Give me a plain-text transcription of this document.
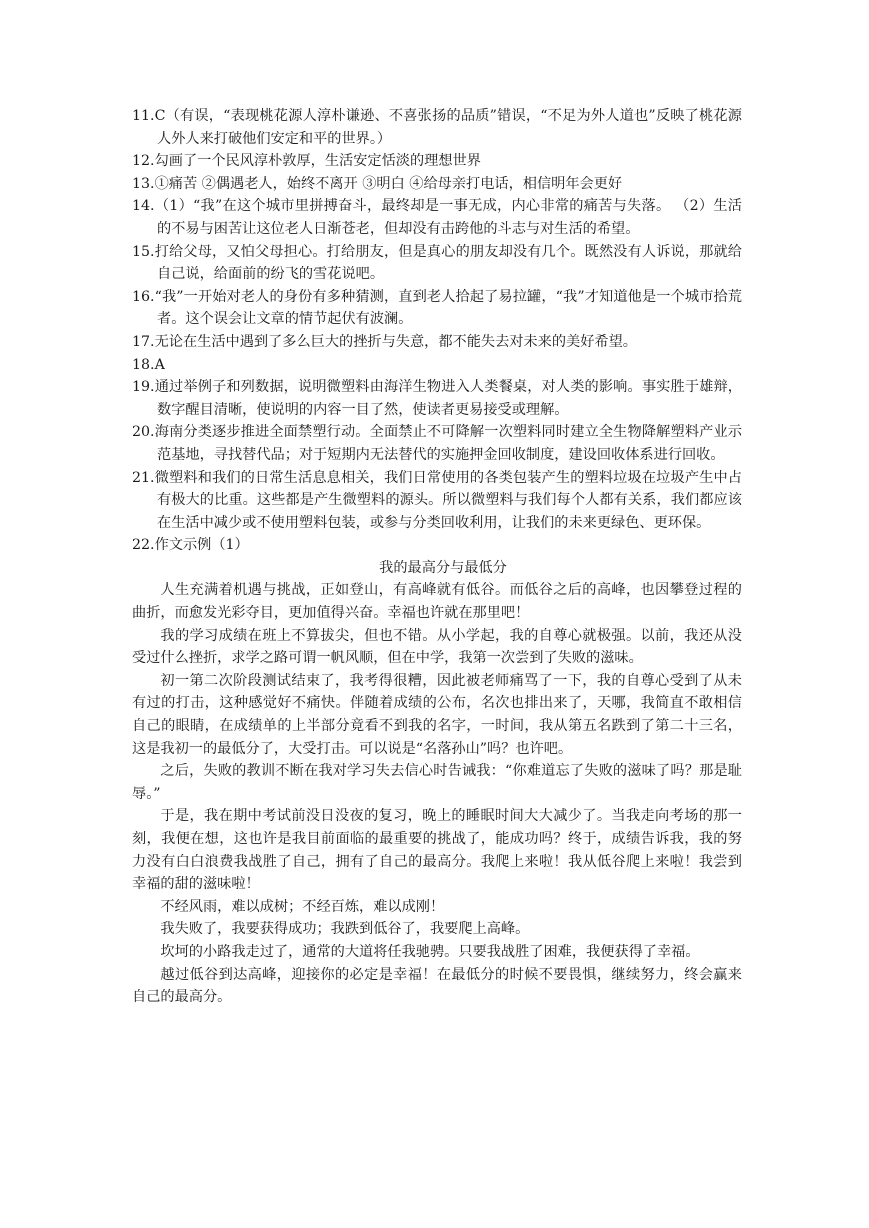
11.C（有误，“表现桃花源人淳朴谦逊、不喜张扬的品质”错误，“不足为外人道也”反映了桃花源人外人来打破他们安定和平的世界。）

12.勾画了一个民风淳朴敦厚，生活安定恬淡的理想世界

13.①痛苦 ②偶遇老人，始终不离开 ③明白 ④给母亲打电话，相信明年会更好

14.（1）“我”在这个城市里拼搏奋斗，最终却是一事无成，内心非常的痛苦与失落。 （2）生活的不易与困苦让这位老人日渐苍老，但却没有击跨他的斗志与对生活的希望。

15.打给父母，又怕父母担心。打给朋友，但是真心的朋友却没有几个。既然没有人诉说，那就给自己说，给面前的纷飞的雪花说吧。

16.“我”一开始对老人的身份有多种猜测，直到老人拾起了易拉罐，“我”才知道他是一个城市拾荒者。这个误会让文章的情节起伏有波澜。

17.无论在生活中遇到了多么巨大的挫折与失意，都不能失去对未来的美好希望。

18.A

19.通过举例子和列数据，说明微塑料由海洋生物进入人类餐桌，对人类的影响。事实胜于雄辩，数字醒目清晰，使说明的内容一目了然，使读者更易接受或理解。

20.海南分类逐步推进全面禁塑行动。全面禁止不可降解一次塑料同时建立全生物降解塑料产业示范基地，寻找替代品；对于短期内无法替代的实施押金回收制度，建设回收体系进行回收。

21.微塑料和我们的日常生活息息相关，我们日常使用的各类包装产生的塑料垃圾在垃圾产生中占有极大的比重。这些都是产生微塑料的源头。所以微塑料与我们每个人都有关系，我们都应该在生活中减少或不使用塑料包装，或参与分类回收利用，让我们的未来更绿色、更环保。

22.作文示例（1）

我的最高分与最低分

人生充满着机遇与挑战，正如登山，有高峰就有低谷。而低谷之后的高峰，也因攀登过程的曲折，而愈发光彩夺目，更加值得兴奋。幸福也许就在那里吧！

我的学习成绩在班上不算拔尖，但也不错。从小学起，我的自尊心就极强。以前，我还从没受过什么挫折，求学之路可谓一帆风顺，但在中学，我第一次尝到了失败的滋味。

初一第二次阶段测试结束了，我考得很糟，因此被老师痛骂了一下，我的自尊心受到了从未有过的打击，这种感觉好不痛快。伴随着成绩的公布，名次也排出来了，天哪，我简直不敢相信自己的眼睛，在成绩单的上半部分竟看不到我的名字，一时间，我从第五名跌到了第二十三名，这是我初一的最低分了，大受打击。可以说是“名落孙山”吗？也许吧。

之后，失败的教训不断在我对学习失去信心时告诫我：“你难道忘了失败的滋味了吗？那是耻辱。”

于是，我在期中考试前没日没夜的复习，晚上的睡眠时间大大减少了。当我走向考场的那一刻，我便在想，这也许是我目前面临的最重要的挑战了，能成功吗？终于，成绩告诉我，我的努力没有白白浪费我战胜了自己，拥有了自己的最高分。我爬上来啦！我从低谷爬上来啦！我尝到幸福的甜的滋味啦！

不经风雨，难以成树；不经百炼，难以成刚！

我失败了，我要获得成功；我跌到低谷了，我要爬上高峰。

坎坷的小路我走过了，通常的大道将任我驰骋。只要我战胜了困难，我便获得了幸福。

越过低谷到达高峰，迎接你的必定是幸福！在最低分的时候不要畏惧，继续努力，终会赢来自己的最高分。
